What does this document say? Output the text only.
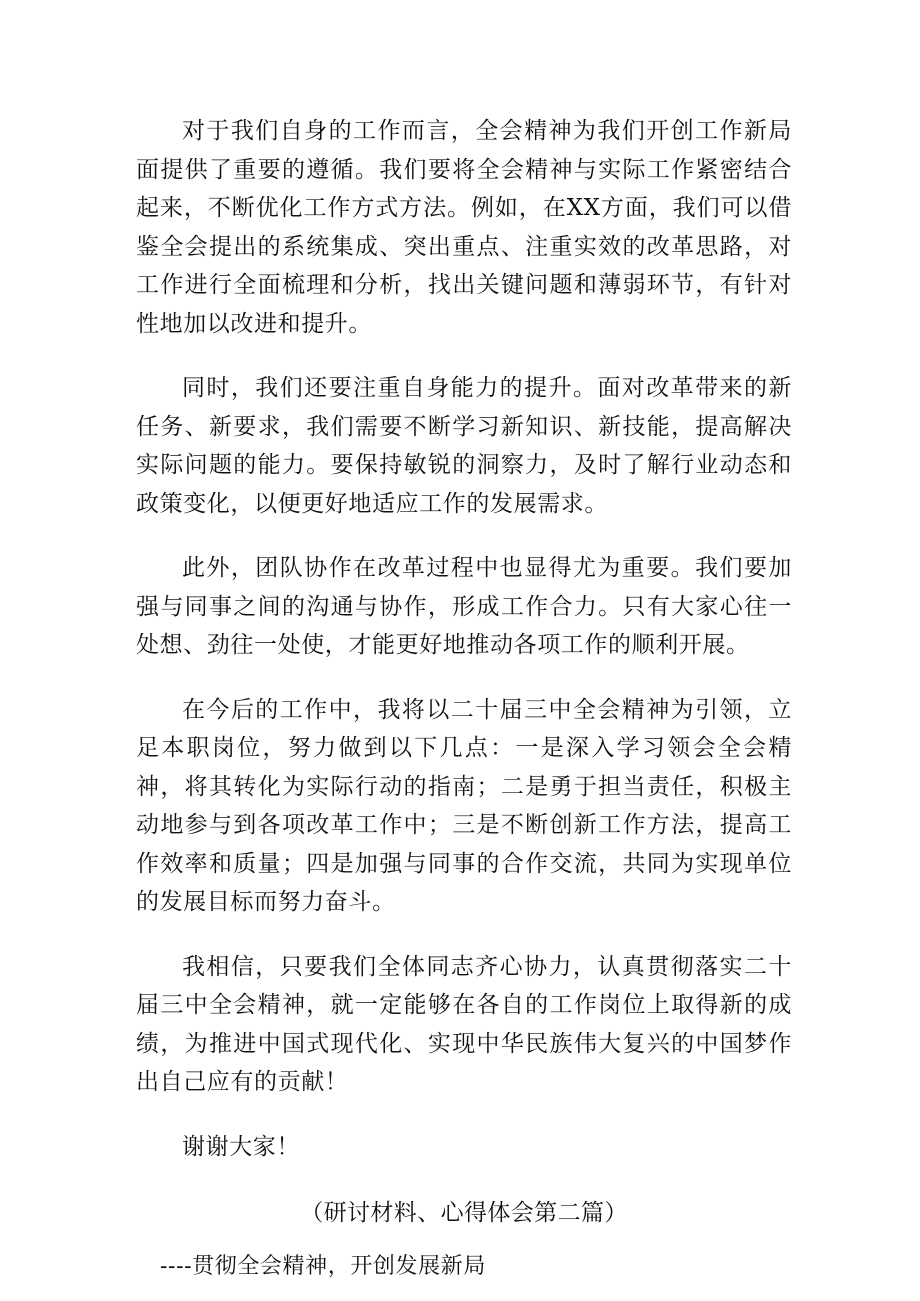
对于我们自身的工作而言，全会精神为我们开创工作新局面提供了重要的遵循。我们要将全会精神与实际工作紧密结合起来，不断优化工作方式方法。例如，在XX方面，我们可以借鉴全会提出的系统集成、突出重点、注重实效的改革思路，对工作进行全面梳理和分析，找出关键问题和薄弱环节，有针对性地加以改进和提升。

同时，我们还要注重自身能力的提升。面对改革带来的新任务、新要求，我们需要不断学习新知识、新技能，提高解决实际问题的能力。要保持敏锐的洞察力，及时了解行业动态和政策变化，以便更好地适应工作的发展需求。

此外，团队协作在改革过程中也显得尤为重要。我们要加强与同事之间的沟通与协作，形成工作合力。只有大家心往一处想、劲往一处使，才能更好地推动各项工作的顺利开展。

在今后的工作中，我将以二十届三中全会精神为引领，立足本职岗位，努力做到以下几点：一是深入学习领会全会精神，将其转化为实际行动的指南；二是勇于担当责任，积极主动地参与到各项改革工作中；三是不断创新工作方法，提高工作效率和质量；四是加强与同事的合作交流，共同为实现单位的发展目标而努力奋斗。

我相信，只要我们全体同志齐心协力，认真贯彻落实二十届三中全会精神，就一定能够在各自的工作岗位上取得新的成绩，为推进中国式现代化、实现中华民族伟大复兴的中国梦作出自己应有的贡献！

谢谢大家！

（研讨材料、心得体会第二篇）
----贯彻全会精神，开创发展新局
